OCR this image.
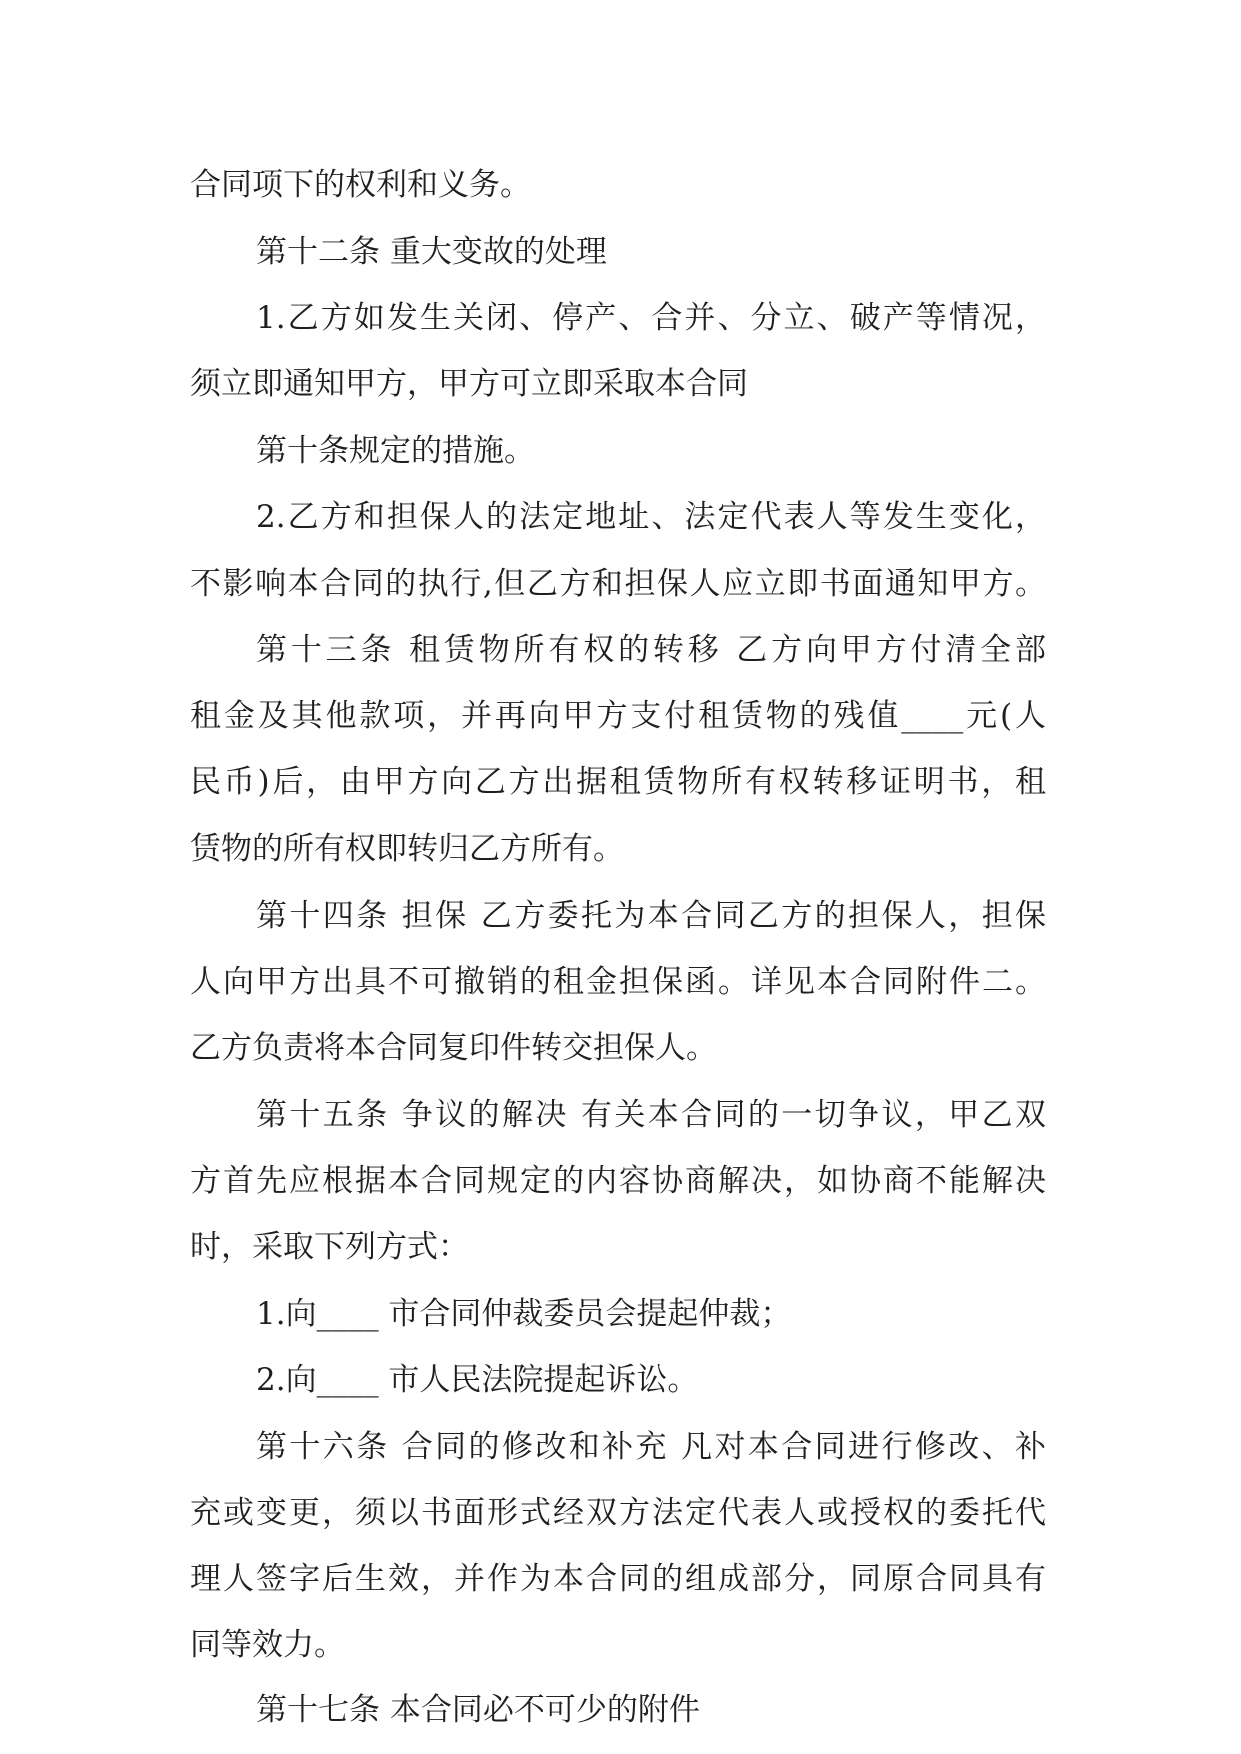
合同项下的权利和义务。
第十二条 重大变故的处理
1.乙方如发生关闭、停产、合并、分立、破产等情况，
须立即通知甲方，甲方可立即采取本合同
第十条规定的措施。
2.乙方和担保人的法定地址、法定代表人等发生变化，
不影响本合同的执行,但乙方和担保人应立即书面通知甲方。
第十三条 租赁物所有权的转移 乙方向甲方付清全部
租金及其他款项，并再向甲方支付租赁物的残值____元(人
民币)后，由甲方向乙方出据租赁物所有权转移证明书，租
赁物的所有权即转归乙方所有。
第十四条 担保 乙方委托为本合同乙方的担保人，担保
人向甲方出具不可撤销的租金担保函。详见本合同附件二。
乙方负责将本合同复印件转交担保人。
第十五条 争议的解决 有关本合同的一切争议，甲乙双
方首先应根据本合同规定的内容协商解决，如协商不能解决
时，采取下列方式：
1.向____ 市合同仲裁委员会提起仲裁；
2.向____ 市人民法院提起诉讼。
第十六条 合同的修改和补充 凡对本合同进行修改、补
充或变更，须以书面形式经双方法定代表人或授权的委托代
理人签字后生效，并作为本合同的组成部分，同原合同具有
同等效力。
第十七条 本合同必不可少的附件
